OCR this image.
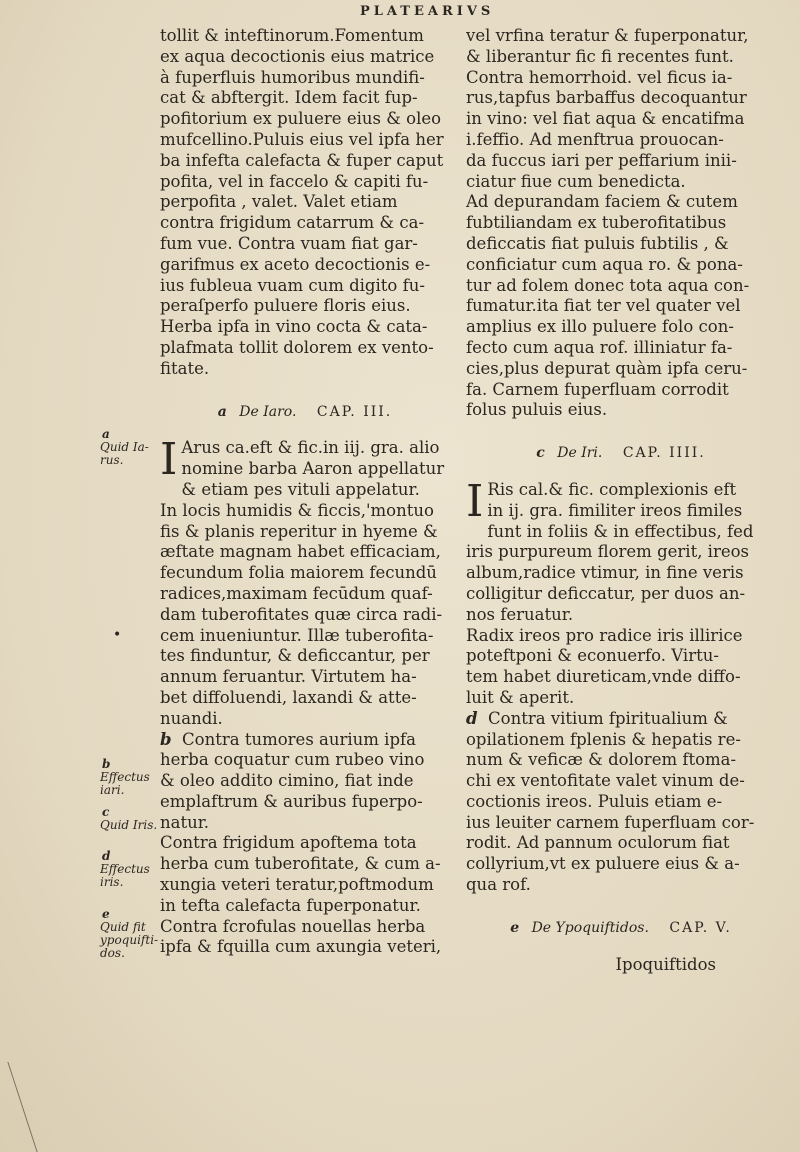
PLATEARIVS

tollit & inteftinorum.Fomentum
ex aqua decoctionis eius matrice
à fuperfluis humoribus mundifi-
cat & abftergit. Idem facit fup-
pofitorium ex puluere eius & oleo
mufcellino.Puluis eius vel ipfa her
ba infefta calefacta & fuper caput
pofita, vel in faccelo & capiti fu-
perpofita , valet. Valet etiam
contra frigidum catarrum & ca-
fum vue. Contra vuam fiat gar-
garifmus ex aceto decoctionis e-
ius fubleua vuam cum digito fu-
peraſperfo puluere floris eius.
Herba ipfa in vino cocta & cata-
plafmata tollit dolorem ex vento-
fitate.

a De Iaro. CAP. III.

I Arus ca.eft & fic.in iij. gra. alio
nomine barba Aaron appellatur
& etiam pes vituli appelatur.
In locis humidis & ficcis,'montuo
fis & planis reperitur in hyeme &
æftate magnam habet efficaciam,
fecundum folia maiorem fecundū
radices,maximam fecūdum quaf-
dam tuberofitates quæ circa radi-
cem inueniuntur. Illæ tuberofita-
tes finduntur, & deficcantur, per
annum feruantur. Virtutem ha-
bet diffoluendi, laxandi & atte-
nuandi.

b Contra tumores aurium ipfa
herba coquatur cum rubeo vino
& oleo addito cimino, fiat inde
emplaftrum & auribus fuperpo-
natur.
Contra frigidum apoftema tota
herba cum tuberofitate, & cum a-
xungia veteri teratur,poftmodum
in tefta calefacta fuperponatur.
Contra fcrofulas nouellas herba
ipfa & fquilla cum axungia veteri,

a
Quid Ia-rus.
•
b
Effectus iari.
c
Quid Iris.
d
Effectus iris.
e
Quid fit ypoquifti-dos.

vel vrfina teratur & fuperponatur,
& liberantur fic fi recentes funt.
Contra hemorrhoid. vel ficus ia-
rus,tapfus barbaffus decoquantur
in vino: vel fiat aqua & encatifma
i.feffio. Ad menftrua prouocan-
da fuccus iari per peffarium inii-
ciatur fiue cum benedicta.
Ad depurandam faciem & cutem
fubtiliandam ex tuberofitatibus
deficcatis fiat puluis fubtilis , &
conficiatur cum aqua ro. & pona-
tur ad folem donec tota aqua con-
fumatur.ita fiat ter vel quater vel
amplius ex illo puluere folo con-
fecto cum aqua rof. illiniatur fa-
cies,plus depurat quàm ipfa ceru-
fa. Carnem fuperfluam corrodit
folus puluis eius.

c De Iri. CAP. IIII.

I Ris cal.& fic. complexionis eft
in ij. gra. fimiliter ireos fimiles
funt in foliis & in effectibus, fed
iris purpureum florem gerit, ireos
album,radice vtimur, in fine veris
colligitur deficcatur, per duos an-
nos feruatur.
Radix ireos pro radice iris illirice
poteftponi & econuerfo. Virtu-
tem habet diureticam,vnde diffo-
luit & aperit.

d Contra vitium fpiritualium &
opilationem fplenis & hepatis re-
num & veficæ & dolorem ftoma-
chi ex ventofitate valet vinum de-
coctionis ireos. Puluis etiam e-
ius leuiter carnem fuperfluam cor-
rodit. Ad pannum oculorum fiat
collyrium,vt ex puluere eius & a-
qua rof.

e De Ypoquiftidos. CAP. V.
Ipoquiftidos
